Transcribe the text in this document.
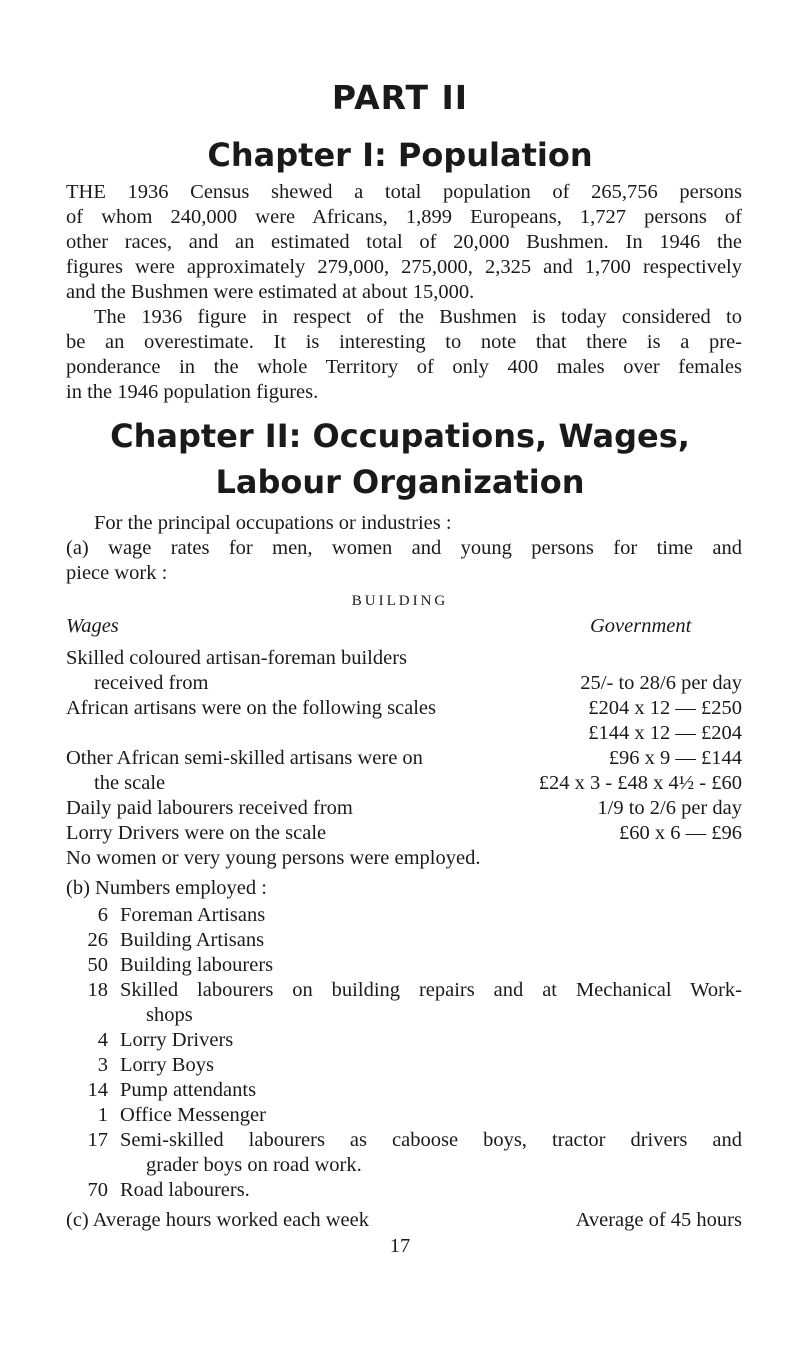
PART II
Chapter I: Population
THE 1936 Census shewed a total population of 265,756 persons
of whom 240,000 were Africans, 1,899 Europeans, 1,727 persons of
other races, and an estimated total of 20,000 Bushmen. In 1946 the
figures were approximately 279,000, 275,000, 2,325 and 1,700 respectively
and the Bushmen were estimated at about 15,000.
The 1936 figure in respect of the Bushmen is today considered to
be an overestimate. It is interesting to note that there is a pre-
ponderance in the whole Territory of only 400 males over females
in the 1946 population figures.
Chapter II: Occupations, Wages,
Labour Organization
For the principal occupations or industries :
(a) wage rates for men, women and young persons for time and
piece work :
BUILDING
Wages	Government
Skilled coloured artisan-foreman builders
received from
African artisans were on the following scales
Other African semi-skilled artisans were on
the scale
Daily paid labourers received from
Lorry Drivers were on the scale
25/- to 28/6 per day
£204 x 12 — £250
£144 x 12 — £204
£96 x 9 — £144
£24 x 3 - £48 x 4½ - £60
1/9 to 2/6 per day
£60 x 6 — £96
No women or very young persons were employed.
(b) Numbers employed :
6 Foreman Artisans
26 Building Artisans
50 Building labourers
18 Skilled labourers on building repairs and at Mechanical Work-
shops
4 Lorry Drivers
3 Lorry Boys
14 Pump attendants
1 Office Messenger
17 Semi-skilled labourers as caboose boys, tractor drivers and
grader boys on road work.
70 Road labourers.
(c) Average hours worked each week	Average of 45 hours
17
